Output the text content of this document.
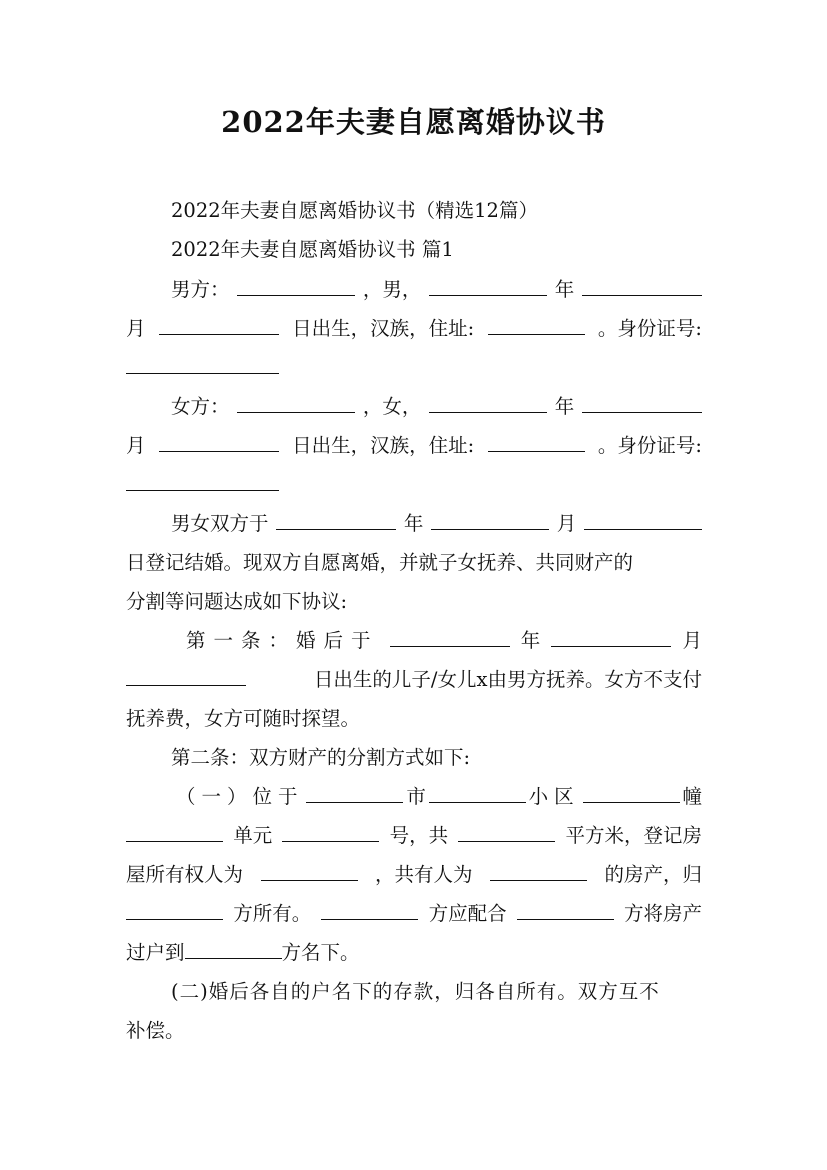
2022年夫妻自愿离婚协议书
2022年夫妻自愿离婚协议书（精选12篇）
2022年夫妻自愿离婚协议书 篇1
男方：	，男，	年
月	日出生，汉族，住址:	。身份证号:
女方：	，女，	年
月	日出生，汉族，住址:	。身份证号:
男女双方于	年	月
日登记结婚。现双方自愿离婚，并就子女抚养、共同财产的
分割等问题达成如下协议:
第一条：婚后于	年	月
日出生的儿子/女儿x由男方抚养。女方不支付
抚养费，女方可随时探望。
第二条：双方财产的分割方式如下:
（一）位于	市	小区	幢
单元	号，共	平方米，登记房
屋所有权人为	，共有人为	的房产，归
方所有。	方应配合	方将房产
过户到	方名下。
(二)婚后各自的户名下的存款，归各自所有。双方互不
补偿。
